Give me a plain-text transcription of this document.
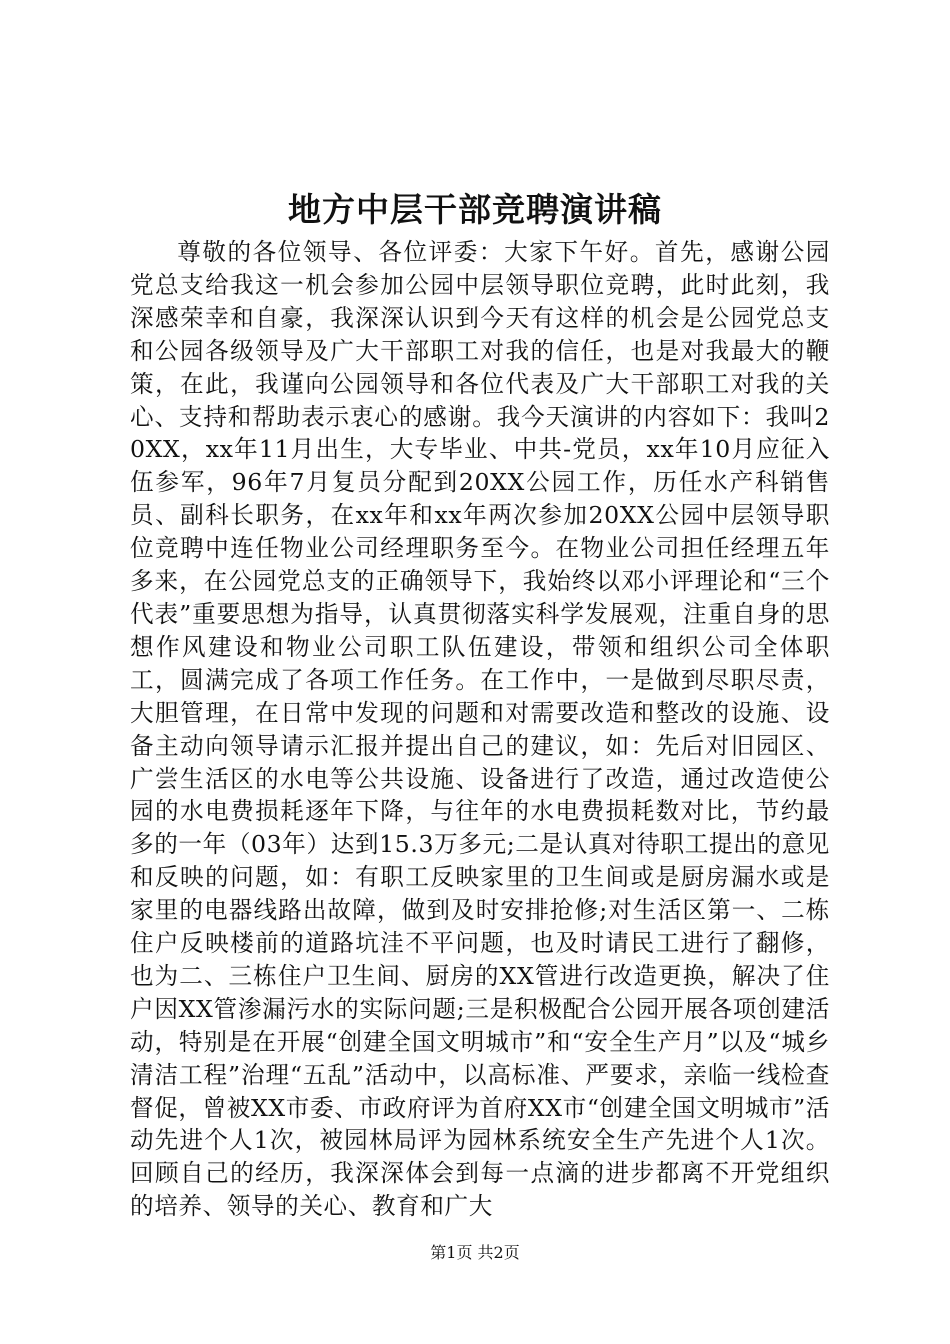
地方中层干部竞聘演讲稿

尊敬的各位领导、各位评委：大家下午好。首先，感谢公园党总支给我这一机会参加公园中层领导职位竞聘，此时此刻，我深感荣幸和自豪，我深深认识到今天有这样的机会是公园党总支和公园各级领导及广大干部职工对我的信任，也是对我最大的鞭策，在此，我谨向公园领导和各位代表及广大干部职工对我的关心、支持和帮助表示衷心的感谢。我今天演讲的内容如下：我叫20XX，xx年11月出生，大专毕业、中共-党员，xx年10月应征入伍参军，96年7月复员分配到20XX公园工作，历任水产科销售员、副科长职务，在xx年和xx年两次参加20XX公园中层领导职位竞聘中连任物业公司经理职务至今。在物业公司担任经理五年多来，在公园党总支的正确领导下，我始终以邓小评理论和“三个代表”重要思想为指导，认真贯彻落实科学发展观，注重自身的思想作风建设和物业公司职工队伍建设，带领和组织公司全体职工，圆满完成了各项工作任务。在工作中，一是做到尽职尽责，大胆管理，在日常中发现的问题和对需要改造和整改的设施、设备主动向领导请示汇报并提出自己的建议，如：先后对旧园区、广尝生活区的水电等公共设施、设备进行了改造，通过改造使公园的水电费损耗逐年下降，与往年的水电费损耗数对比，节约最多的一年（03年）达到15.3万多元;二是认真对待职工提出的意见和反映的问题，如：有职工反映家里的卫生间或是厨房漏水或是家里的电器线路出故障，做到及时安排抢修;对生活区第一、二栋住户反映楼前的道路坑洼不平问题，也及时请民工进行了翻修，也为二、三栋住户卫生间、厨房的XX管进行改造更换，解决了住户因XX管渗漏污水的实际问题;三是积极配合公园开展各项创建活动，特别是在开展“创建全国文明城市”和“安全生产月”以及“城乡清洁工程”治理“五乱”活动中，以高标准、严要求，亲临一线检查督促，曾被XX市委、市政府评为首府XX市“创建全国文明城市”活动先进个人1次，被园林局评为园林系统安全生产先进个人1次。回顾自己的经历，我深深体会到每一点滴的进步都离不开党组织的培养、领导的关心、教育和广大

第1页 共2页
